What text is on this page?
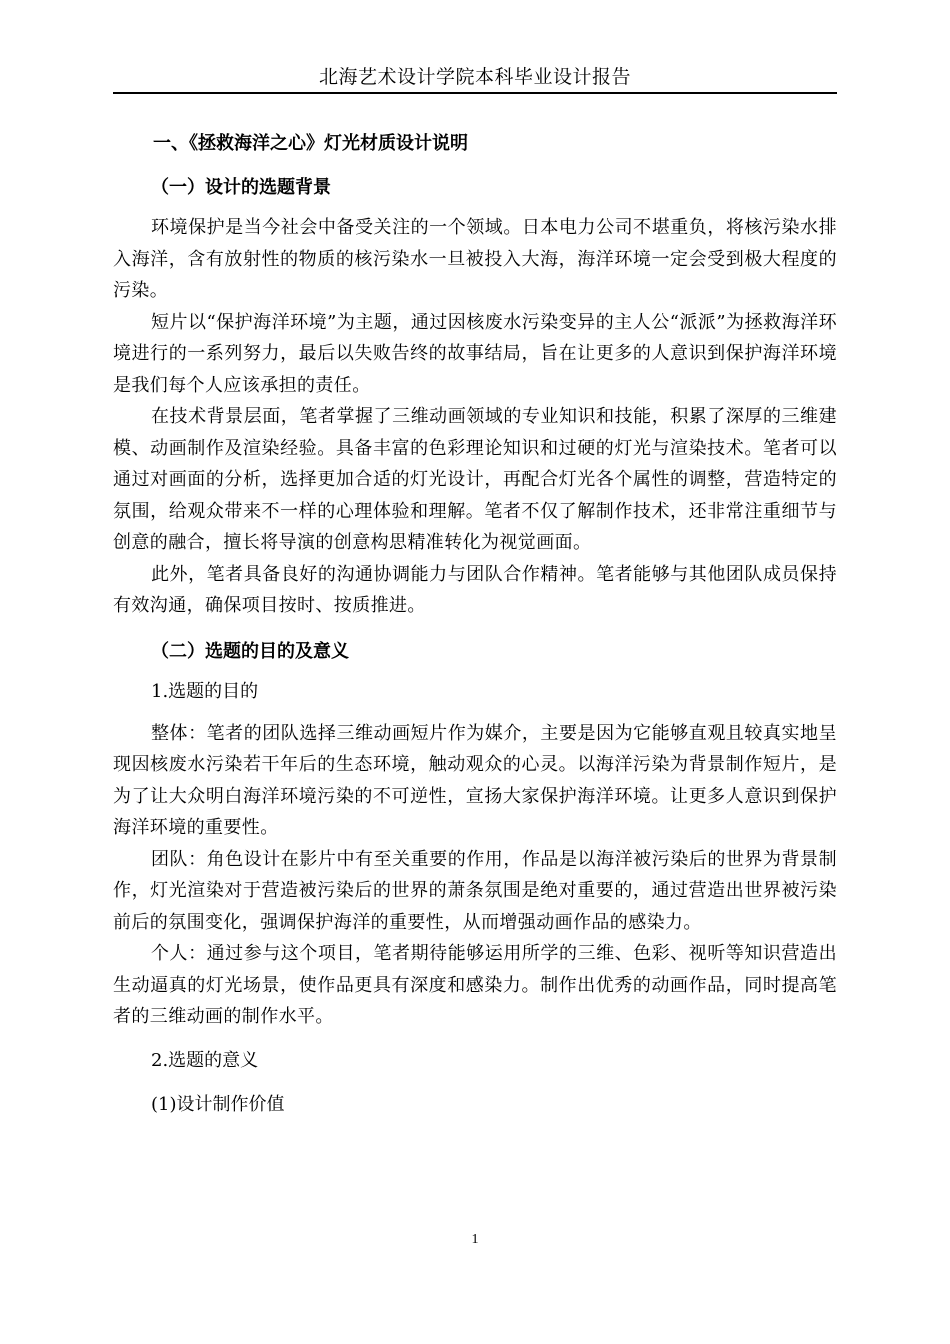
北海艺术设计学院本科毕业设计报告
一、《拯救海洋之心》灯光材质设计说明
（一）设计的选题背景

环境保护是当今社会中备受关注的一个领域。日本电力公司不堪重负，将核污染水排入海洋，含有放射性的物质的核污染水一旦被投入大海，海洋环境一定会受到极大程度的污染。

短片以“保护海洋环境”为主题，通过因核废水污染变异的主人公“派派”为拯救海洋环境进行的一系列努力，最后以失败告终的故事结局，旨在让更多的人意识到保护海洋环境是我们每个人应该承担的责任。

在技术背景层面，笔者掌握了三维动画领域的专业知识和技能，积累了深厚的三维建模、动画制作及渲染经验。具备丰富的色彩理论知识和过硬的灯光与渲染技术。笔者可以通过对画面的分析，选择更加合适的灯光设计，再配合灯光各个属性的调整，营造特定的氛围，给观众带来不一样的心理体验和理解。笔者不仅了解制作技术，还非常注重细节与创意的融合，擅长将导演的创意构思精准转化为视觉画面。

此外，笔者具备良好的沟通协调能力与团队合作精神。笔者能够与其他团队成员保持有效沟通，确保项目按时、按质推进。

（二）选题的目的及意义
1.选题的目的

整体：笔者的团队选择三维动画短片作为媒介，主要是因为它能够直观且较真实地呈现因核废水污染若干年后的生态环境，触动观众的心灵。以海洋污染为背景制作短片，是为了让大众明白海洋环境污染的不可逆性，宣扬大家保护海洋环境。让更多人意识到保护海洋环境的重要性。

团队：角色设计在影片中有至关重要的作用，作品是以海洋被污染后的世界为背景制作，灯光渲染对于营造被污染后的世界的萧条氛围是绝对重要的，通过营造出世界被污染前后的氛围变化，强调保护海洋的重要性，从而增强动画作品的感染力。

个人：通过参与这个项目，笔者期待能够运用所学的三维、色彩、视听等知识营造出生动逼真的灯光场景，使作品更具有深度和感染力。制作出优秀的动画作品，同时提高笔者的三维动画的制作水平。

2.选题的意义
(1)设计制作价值
1
